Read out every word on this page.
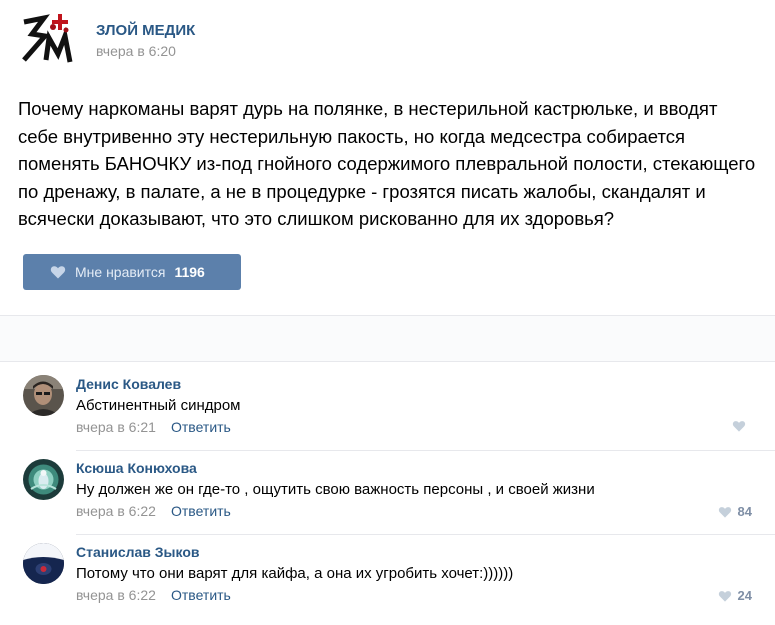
ЗЛОЙ МЕДИК
вчера в 6:20
Почему наркоманы варят дурь на полянке, в нестерильной кастрюльке, и вводят себе внутривенно эту нестерильную пакость, но когда медсестра собирается поменять БАНОЧКУ из-под гнойного содержимого плевральной полости, стекающего по дренажу, в палате, а не в процедурке - грозятся писать жалобы, скандалят и всячески доказывают, что это слишком рискованно для их здоровья?
Мне нравится 1196
Денис Ковалев
Абстинентный синдром
вчера в 6:21 Ответить
Ксюша Конюхова
Ну должен же он где-то , ощутить свою важность персоны , и своей жизни
вчера в 6:22 Ответить	84
Станислав Зыков
Потому что они варят для кайфа, а она их угробить хочет:))))))
вчера в 6:22 Ответить	24
